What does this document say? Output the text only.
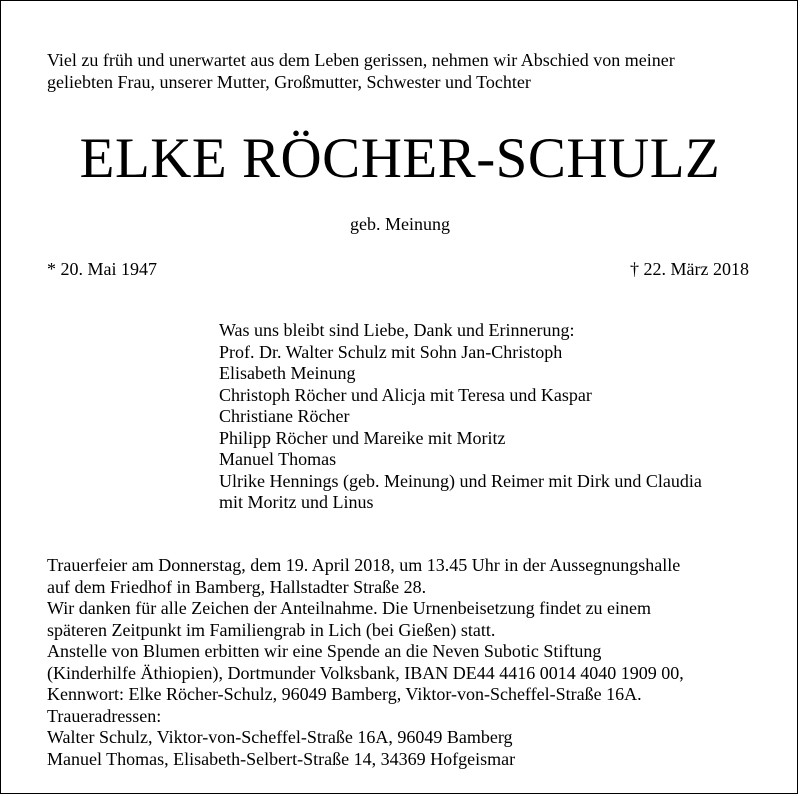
Viel zu früh und unerwartet aus dem Leben gerissen, nehmen wir Abschied von meiner
geliebten Frau, unserer Mutter, Großmutter, Schwester und Tochter
ELKE RÖCHER-SCHULZ
geb. Meinung
* 20. Mai 1947	† 22. März 2018
Was uns bleibt sind Liebe, Dank und Erinnerung:
Prof. Dr. Walter Schulz mit Sohn Jan-Christoph
Elisabeth Meinung
Christoph Röcher und Alicja mit Teresa und Kaspar
Christiane Röcher
Philipp Röcher und Mareike mit Moritz
Manuel Thomas
Ulrike Hennings (geb. Meinung) und Reimer mit Dirk und Claudia
mit Moritz und Linus
Trauerfeier am Donnerstag, dem 19. April 2018, um 13.45 Uhr in der Aussegnungshalle
auf dem Friedhof in Bamberg, Hallstadter Straße 28.
Wir danken für alle Zeichen der Anteilnahme. Die Urnenbeisetzung findet zu einem
späteren Zeitpunkt im Familiengrab in Lich (bei Gießen) statt.
Anstelle von Blumen erbitten wir eine Spende an die Neven Subotic Stiftung
(Kinderhilfe Äthiopien), Dortmunder Volksbank, IBAN DE44 4416 0014 4040 1909 00,
Kennwort: Elke Röcher-Schulz, 96049 Bamberg, Viktor-von-Scheffel-Straße 16A.
Traueradressen:
Walter Schulz, Viktor-von-Scheffel-Straße 16A, 96049 Bamberg
Manuel Thomas, Elisabeth-Selbert-Straße 14, 34369 Hofgeismar
